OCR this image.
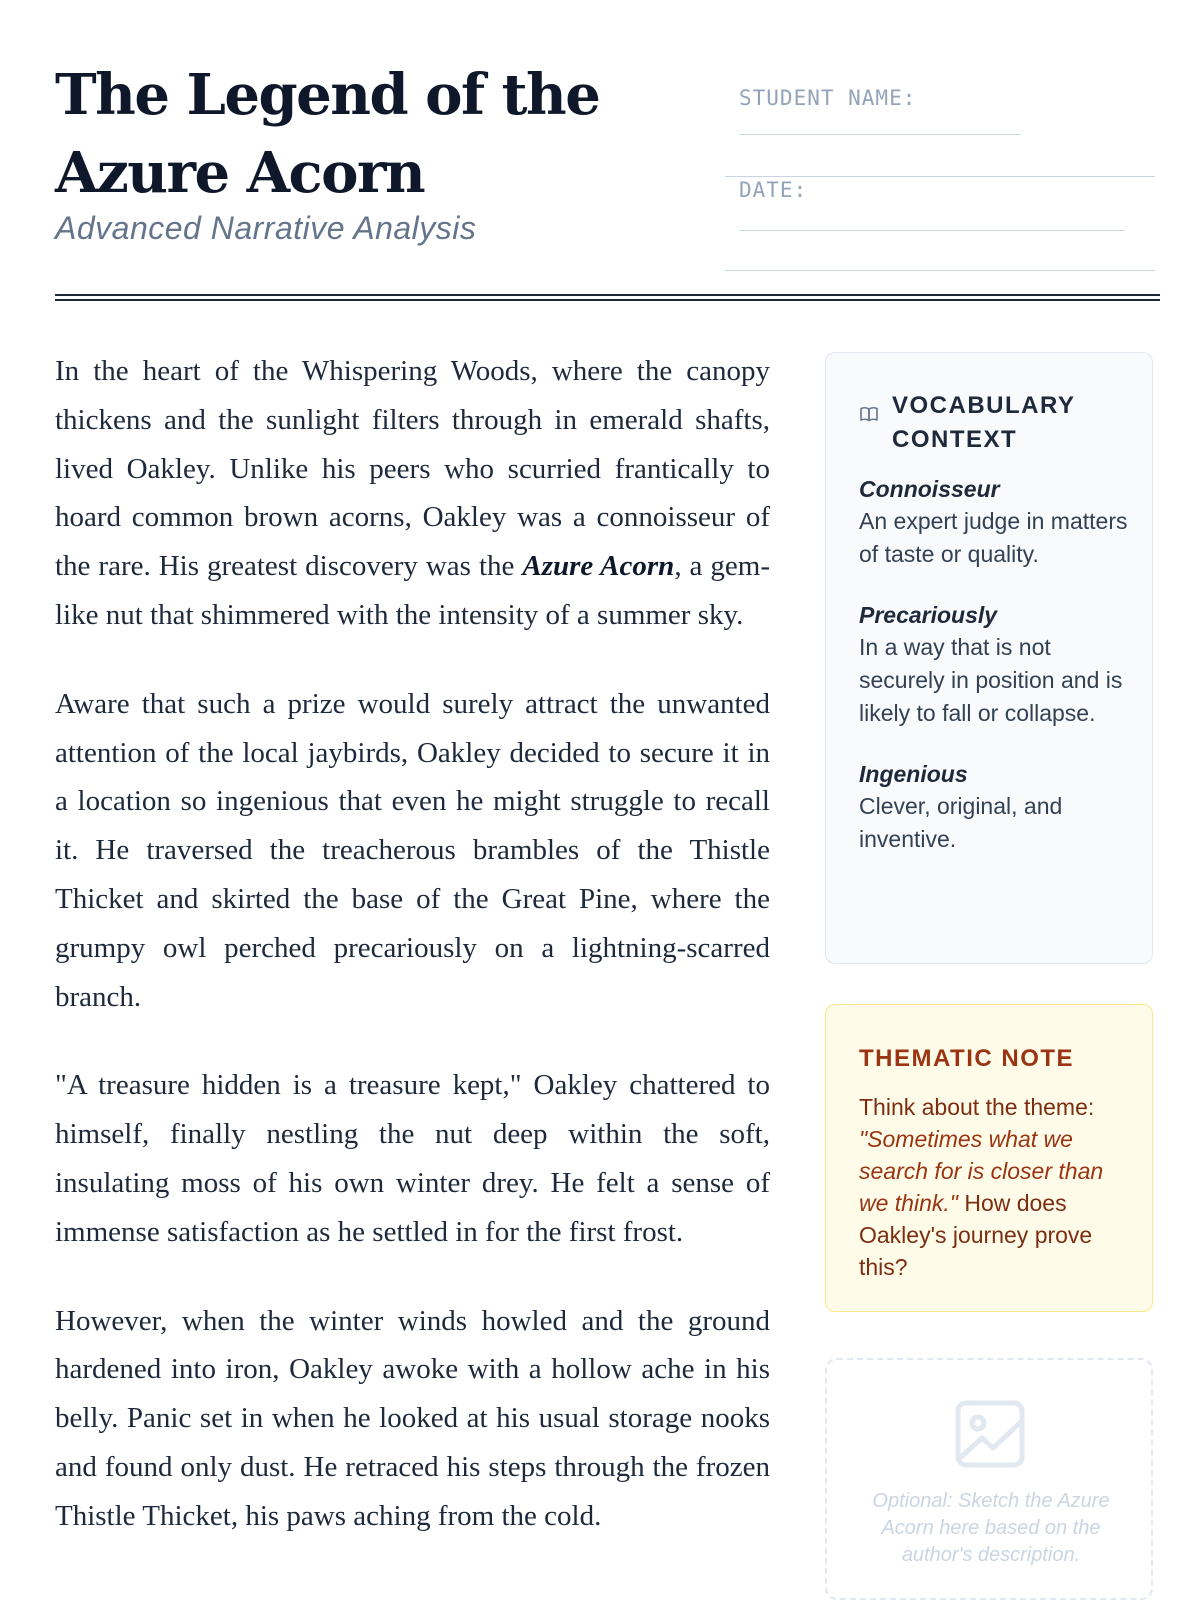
The Legend of the Azure Acorn
Advanced Narrative Analysis
STUDENT NAME:
DATE:

In the heart of the Whispering Woods, where the canopy thickens and the sunlight filters through in emerald shafts, lived Oakley. Unlike his peers who scurried frantically to hoard common brown acorns, Oakley was a connoisseur of the rare. His greatest discovery was the Azure Acorn, a gem-like nut that shimmered with the intensity of a summer sky.

Aware that such a prize would surely attract the unwanted attention of the local jaybirds, Oakley decided to secure it in a location so ingenious that even he might struggle to recall it. He traversed the treacherous brambles of the Thistle Thicket and skirted the base of the Great Pine, where the grumpy owl perched precariously on a lightning-scarred branch.

"A treasure hidden is a treasure kept," Oakley chattered to himself, finally nestling the nut deep within the soft, insulating moss of his own winter drey. He felt a sense of immense satisfaction as he settled in for the first frost.

However, when the winter winds howled and the ground hardened into iron, Oakley awoke with a hollow ache in his belly. Panic set in when he looked at his usual storage nooks and found only dust. He retraced his steps through the frozen Thistle Thicket, his paws aching from the cold.

VOCABULARY CONTEXT
Connoisseur
An expert judge in matters of taste or quality.
Precariously
In a way that is not securely in position and is likely to fall or collapse.
Ingenious
Clever, original, and inventive.
THEMATIC NOTE
Think about the theme: "Sometimes what we search for is closer than we think." How does Oakley's journey prove this?
Optional: Sketch the Azure Acorn here based on the author's description.
